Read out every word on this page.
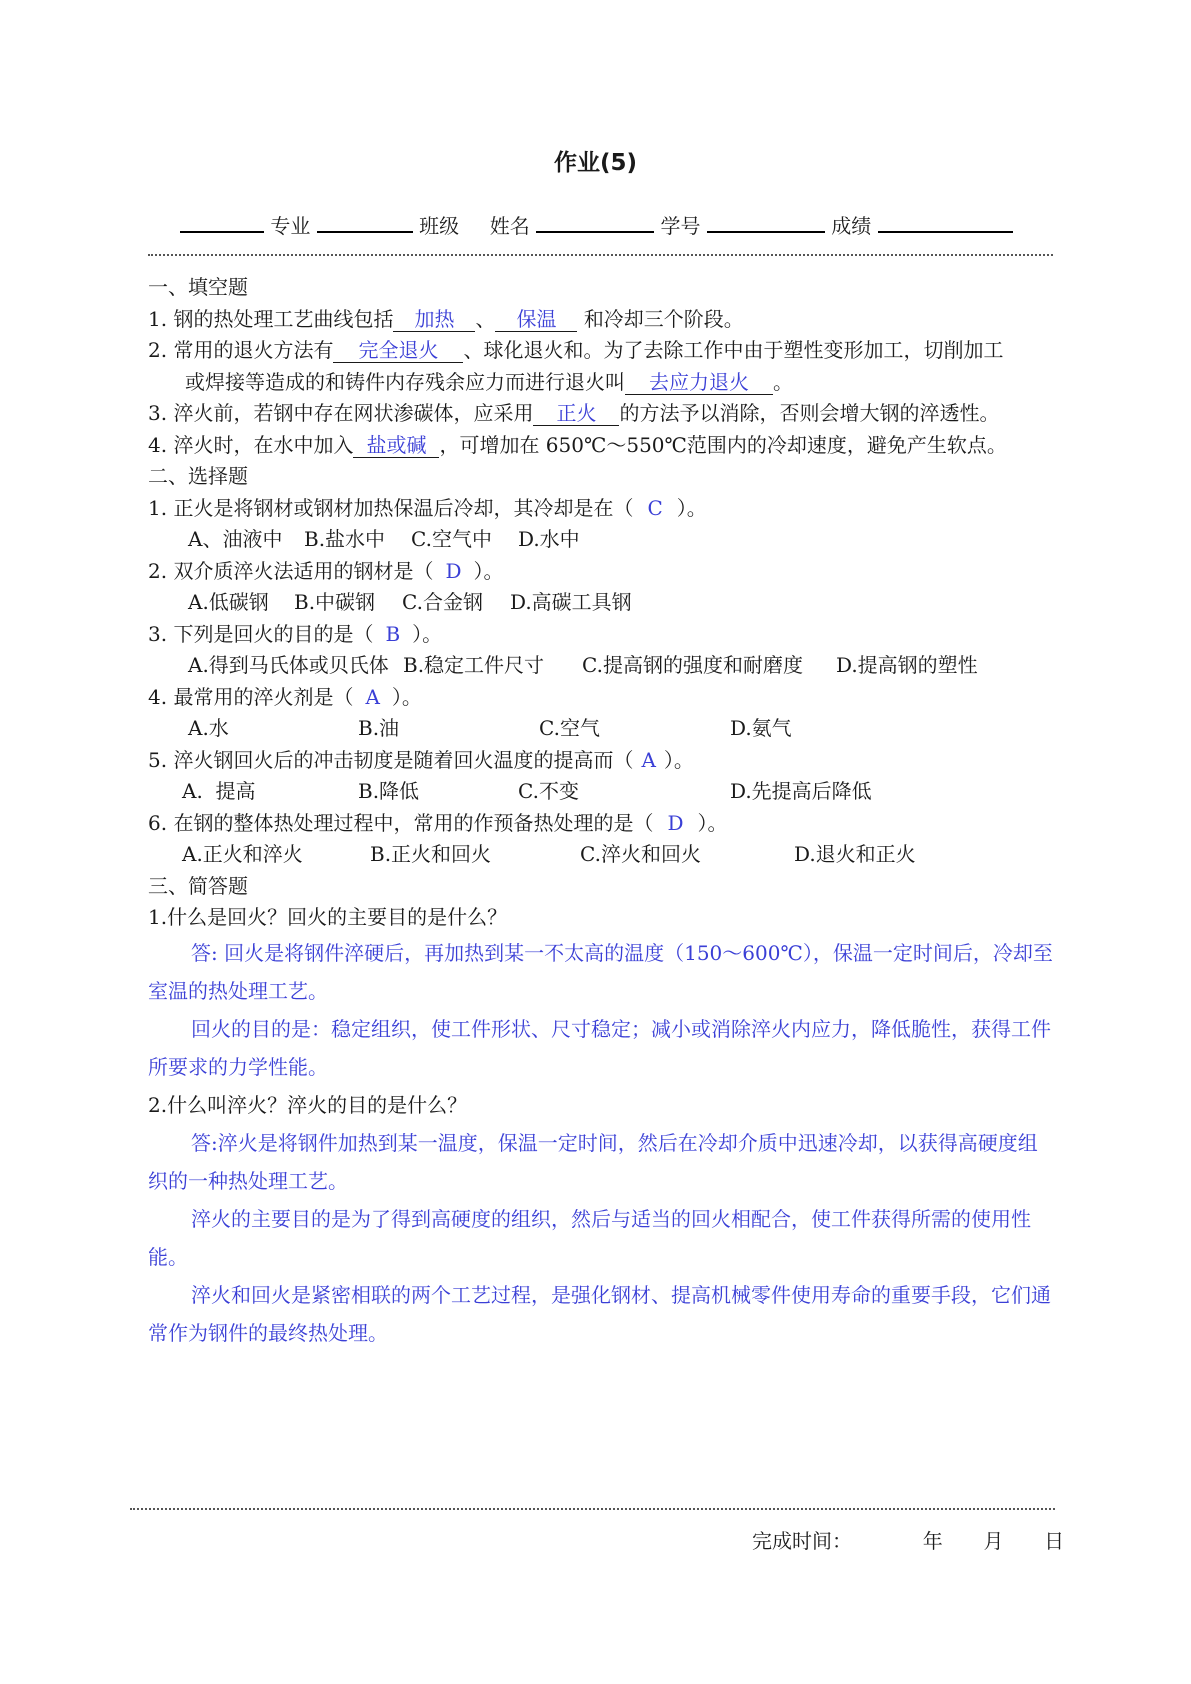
作业(5)
专业	班级 姓名	学号	成绩
一、填空题
1. 钢的热处理工艺曲线包括 加热 、 保温 和冷却三个阶段。
2. 常用的退火方法有 完全退火 、球化退火和。为了去除工作中由于塑性变形加工，切削加工
或焊接等造成的和铸件内存残余应力而进行退火叫 去应力退火 。
3. 淬火前，若钢中存在网状渗碳体，应采用 正火 的方法予以消除，否则会增大钢的淬透性。
4. 淬火时，在水中加入 盐或碱 ，可增加在 650℃～550℃范围内的冷却速度，避免产生软点。
二、选择题
1. 正火是将钢材或钢材加热保温后冷却，其冷却是在（ C ）。
A、油液中 B.盐水中 C.空气中 D.水中
2. 双介质淬火法适用的钢材是（ D ）。
A.低碳钢 B.中碳钢 C.合金钢 D.高碳工具钢
3. 下列是回火的目的是（ B ）。
A.得到马氏体或贝氏体 B.稳定工件尺寸 C.提高钢的强度和耐磨度 D.提高钢的塑性
4. 最常用的淬火剂是（ A ）。
A.水	B.油	C.空气	D.氨气
5. 淬火钢回火后的冲击韧度是随着回火温度的提高而（ A ）。
A.  提高	B.降低	C.不变	D.先提高后降低
6. 在钢的整体热处理过程中，常用的作预备热处理的是（ D ）。
A.正火和淬火	B.正火和回火	C.淬火和回火	D.退火和正火
三、简答题
1.什么是回火？回火的主要目的是什么？

答: 回火是将钢件淬硬后，再加热到某一不太高的温度（150～600℃），保温一定时间后，冷却至室温的热处理工艺。

回火的目的是：稳定组织，使工件形状、尺寸稳定；减小或消除淬火内应力，降低脆性，获得工件所要求的力学性能。

2.什么叫淬火？淬火的目的是什么？

答:淬火是将钢件加热到某一温度，保温一定时间，然后在冷却介质中迅速冷却，以获得高硬度组织的一种热处理工艺。

淬火的主要目的是为了得到高硬度的组织，然后与适当的回火相配合，使工件获得所需的使用性能。

淬火和回火是紧密相联的两个工艺过程，是强化钢材、提高机械零件使用寿命的重要手段，它们通常作为钢件的最终热处理。

完成时间：	年 月 日
